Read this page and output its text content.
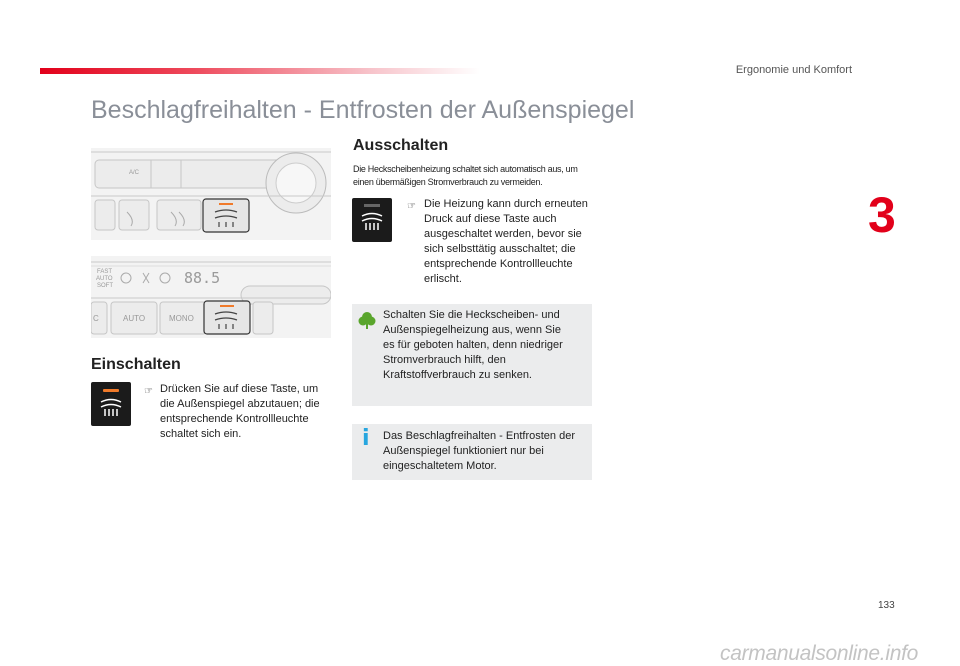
Ergonomie und Komfort
Beschlagfreihalten - Entfrosten der Außenspiegel
3
A/C
FAST
AUTO
SOFT	88.5
C	AUTO	MONO
Einschalten
☞ Drücken Sie auf diese Taste, um die Außenspiegel abzutauen; die entsprechende Kontrollleuchte schaltet sich ein.
Ausschalten
Die Heckscheibenheizung schaltet sich automatisch aus, um einen übermäßigen Stromverbrauch zu vermeiden.
☞ Die Heizung kann durch erneuten Druck auf diese Taste auch ausgeschaltet werden, bevor sie sich selbsttätig ausschaltet; die entsprechende Kontrollleuchte erlischt.
Schalten Sie die Heckscheiben- und Außenspiegelheizung aus, wenn Sie es für geboten halten, denn niedriger Stromverbrauch hilft, den Kraftstoffverbrauch zu senken.
i Das Beschlagfreihalten - Entfrosten der Außenspiegel funktioniert nur bei eingeschaltetem Motor.
133
carmanualsonline.info
